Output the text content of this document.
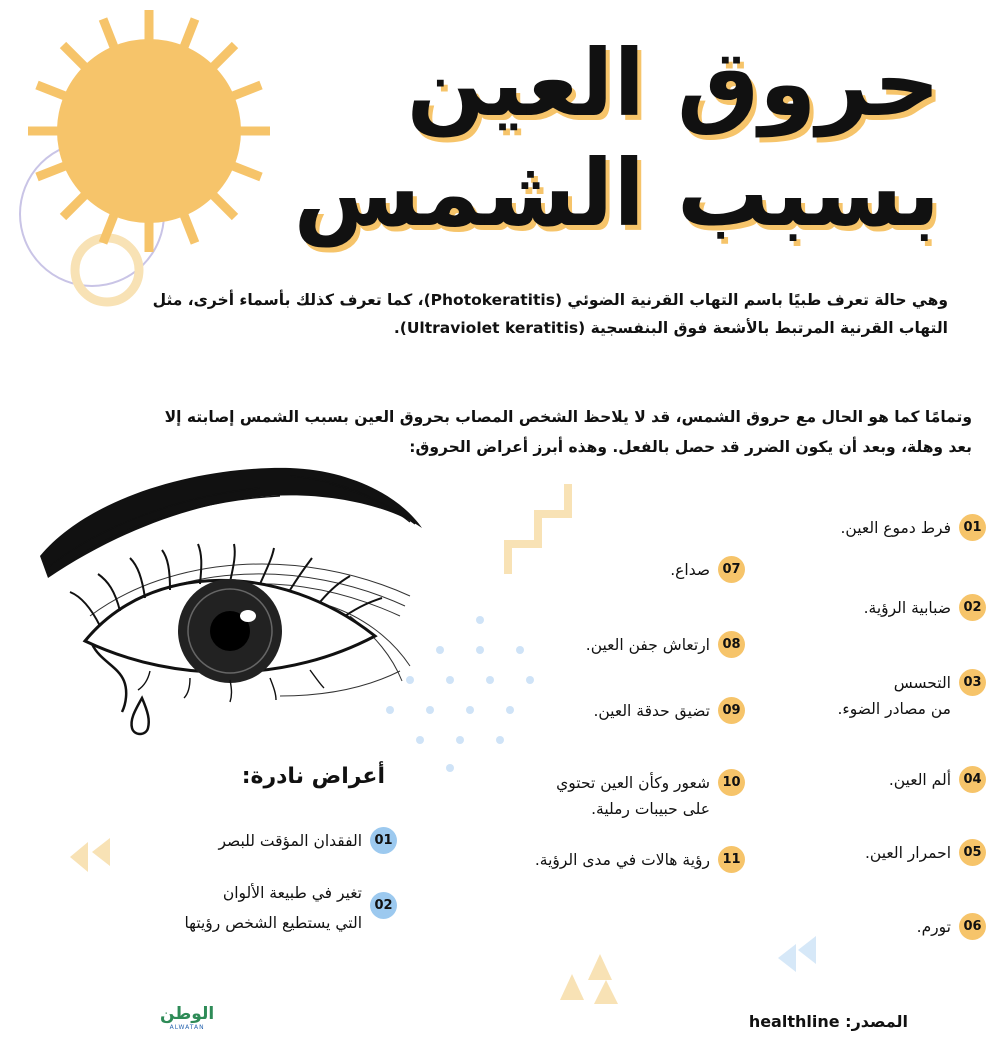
حروق العين
بسبب الشمس
وهي حالة تعرف طبيًا باسم التهاب القرنية الضوئي (Photokeratitis)، كما تعرف كذلك بأسماء أخرى، مثل
التهاب القرنية المرتبط بالأشعة فوق البنفسجية (Ultraviolet keratitis).
وتمامًا كما هو الحال مع حروق الشمس، قد لا يلاحظ الشخص المصاب بحروق العين بسبب الشمس إصابته إلا
بعد وهلة، وبعد أن يكون الضرر قد حصل بالفعل. وهذه أبرز أعراض الحروق:
01
فرط دموع العين.
02
ضبابية الرؤية.
03
التحسس
من مصادر الضوء.
04
ألم العين.
05
احمرار العين.
06
تورم.
07
صداع.
08
ارتعاش جفن العين.
09
تضيق حدقة العين.
10
شعور وكأن العين تحتوي
على حبيبات رملية.
11
رؤية هالات في مدى الرؤية.
أعراض نادرة:
01
الفقدان المؤقت للبصر
02
تغير في طبيعة الألوان
التي يستطيع الشخص رؤيتها
الوطن
ALWATAN	المصدر: healthline
